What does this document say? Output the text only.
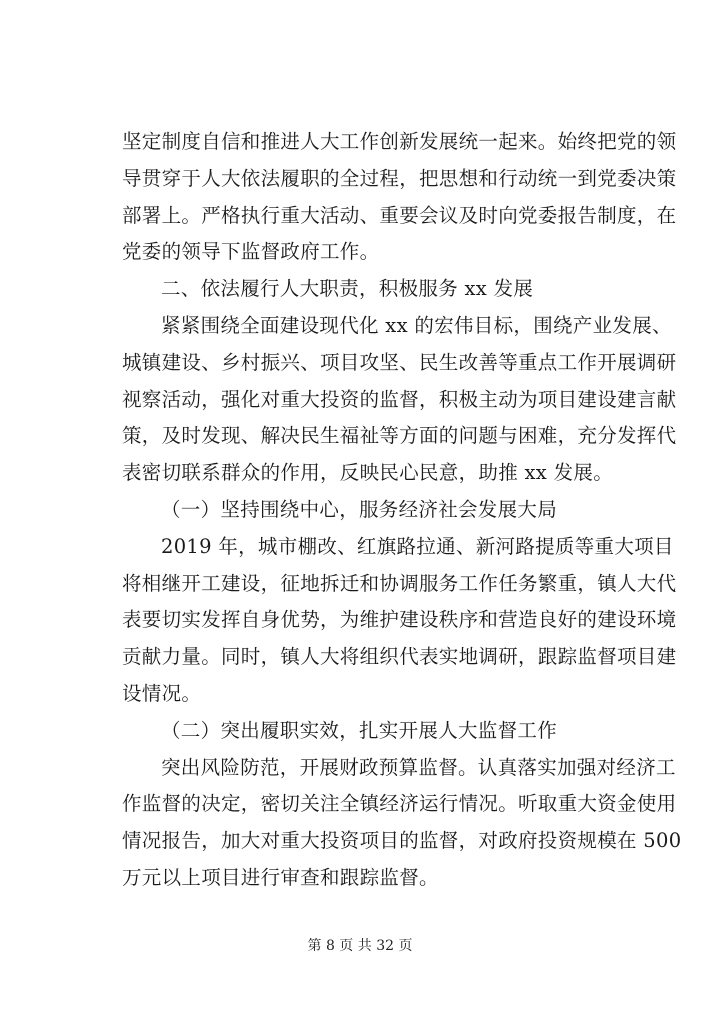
坚定制度自信和推进人大工作创新发展统一起来。始终把党的领
导贯穿于人大依法履职的全过程，把思想和行动统一到党委决策
部署上。严格执行重大活动、重要会议及时向党委报告制度，在
党委的领导下监督政府工作。
二、依法履行人大职责，积极服务 xx 发展
紧紧围绕全面建设现代化 xx 的宏伟目标，围绕产业发展、
城镇建设、乡村振兴、项目攻坚、民生改善等重点工作开展调研
视察活动，强化对重大投资的监督，积极主动为项目建设建言献
策，及时发现、解决民生福祉等方面的问题与困难，充分发挥代
表密切联系群众的作用，反映民心民意，助推 xx 发展。
（一）坚持围绕中心，服务经济社会发展大局
2019 年，城市棚改、红旗路拉通、新河路提质等重大项目
将相继开工建设，征地拆迁和协调服务工作任务繁重，镇人大代
表要切实发挥自身优势，为维护建设秩序和营造良好的建设环境
贡献力量。同时，镇人大将组织代表实地调研，跟踪监督项目建
设情况。
（二）突出履职实效，扎实开展人大监督工作
突出风险防范，开展财政预算监督。认真落实加强对经济工
作监督的决定，密切关注全镇经济运行情况。听取重大资金使用
情况报告，加大对重大投资项目的监督，对政府投资规模在 500
万元以上项目进行审查和跟踪监督。
第 8 页 共 32 页
